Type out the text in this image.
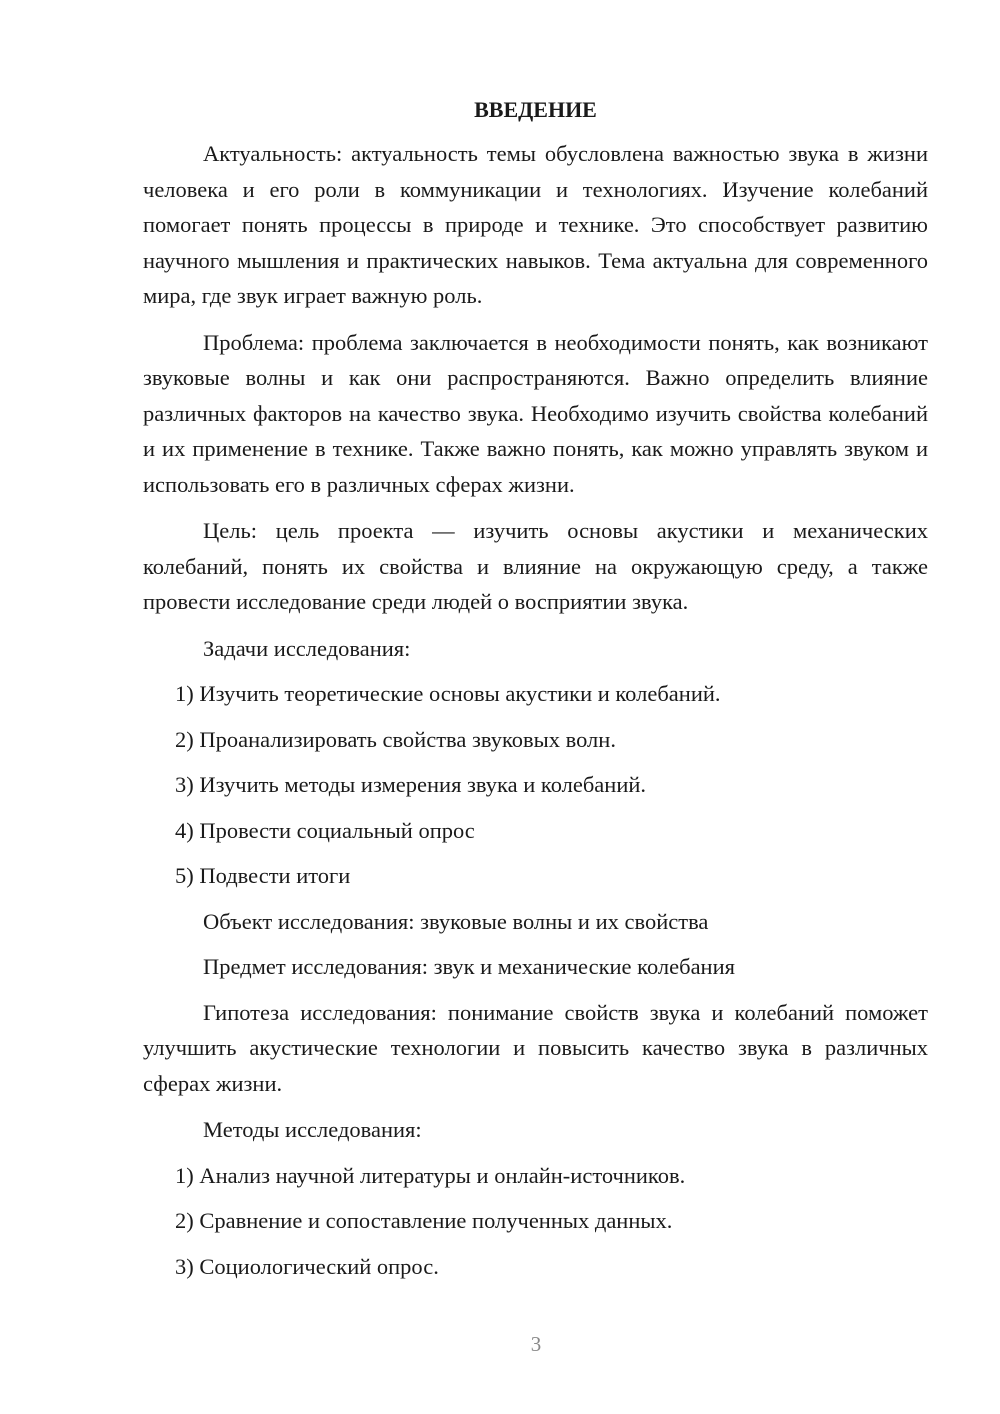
ВВЕДЕНИЕ

Актуальность: актуальность темы обусловлена важностью звука в жизни человека и его роли в коммуникации и технологиях. Изучение колебаний помогает понять процессы в природе и технике. Это способствует развитию научного мышления и практических навыков. Тема актуальна для современного мира, где звук играет важную роль.

Проблема: проблема заключается в необходимости понять, как возникают звуковые волны и как они распространяются. Важно определить влияние различных факторов на качество звука. Необходимо изучить свойства колебаний и их применение в технике. Также важно понять, как можно управлять звуком и использовать его в различных сферах жизни.

Цель: цель проекта — изучить основы акустики и механических колебаний, понять их свойства и влияние на окружающую среду, а также провести исследование среди людей о восприятии звука.

Задачи исследования:

1) Изучить теоретические основы акустики и колебаний.
2) Проанализировать свойства звуковых волн.
3) Изучить методы измерения звука и колебаний.
4) Провести социальный опрос
5) Подвести итоги

Объект исследования: звуковые волны и их свойства

Предмет исследования: звук и механические колебания

Гипотеза исследования: понимание свойств звука и колебаний поможет улучшить акустические технологии и повысить качество звука в различных сферах жизни.

Методы исследования:

1) Анализ научной литературы и онлайн-источников.
2) Сравнение и сопоставление полученных данных.
3) Социологический опрос.
3
